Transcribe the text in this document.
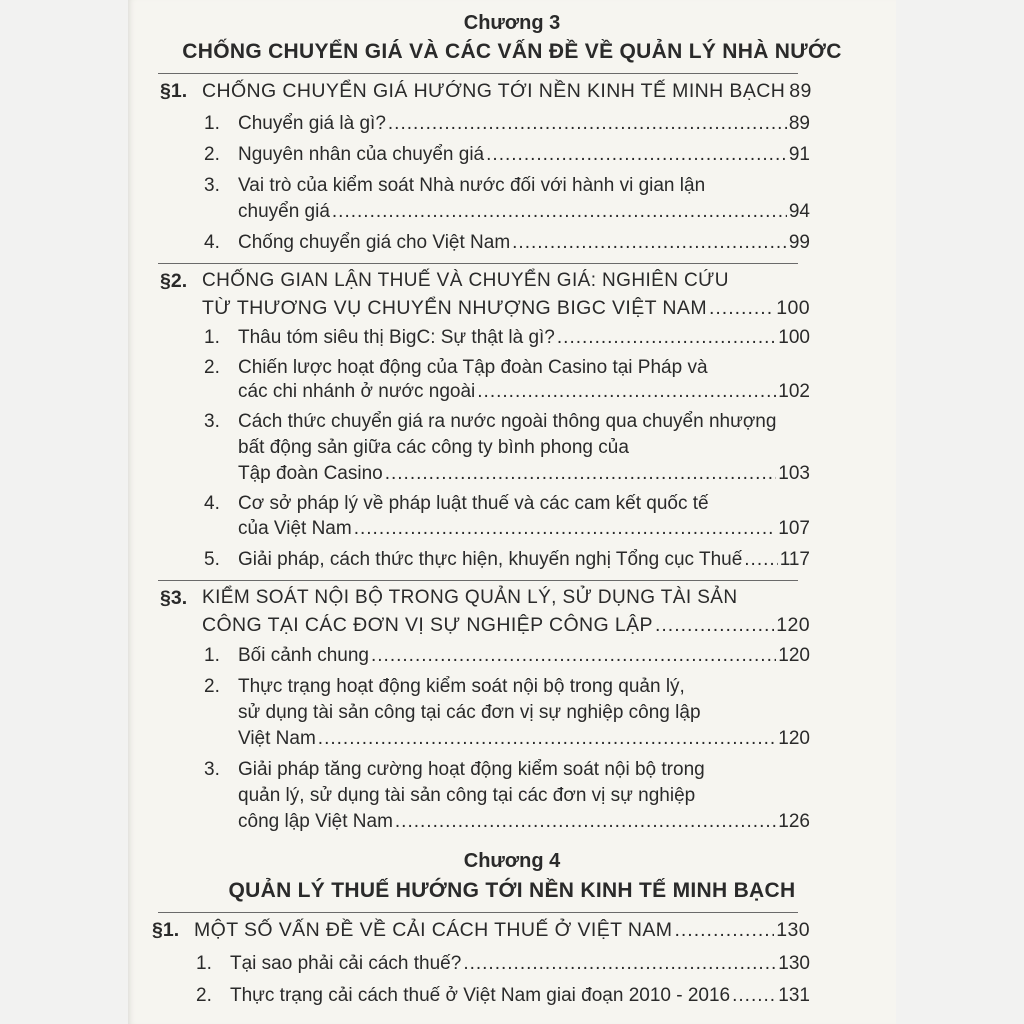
Chương 3
CHỐNG CHUYỂN GIÁ VÀ CÁC VẤN ĐỀ VỀ QUẢN LÝ NHÀ NƯỚC
§1. CHỐNG CHUYỂN GIÁ HƯỚNG TỚI NỀN KINH TẾ MINH BẠCH 89
1. Chuyển giá là gì? .....	89
2. Nguyên nhân của chuyển giá .....	91
3. Vai trò của kiểm soát Nhà nước đối với hành vi gian lận
chuyển giá .....	94
4. Chống chuyển giá cho Việt Nam .....	99
§2. CHỐNG GIAN LẬN THUẾ VÀ CHUYỂN GIÁ: NGHIÊN CỨU
TỪ THƯƠNG VỤ CHUYỂN NHƯỢNG BIGC VIỆT NAM .....	100
1. Thâu tóm siêu thị BigC: Sự thật là gì? .....	100
2. Chiến lược hoạt động của Tập đoàn Casino tại Pháp và
các chi nhánh ở nước ngoài .....	102
3. Cách thức chuyển giá ra nước ngoài thông qua chuyển nhượng
bất động sản giữa các công ty bình phong của
Tập đoàn Casino .....	103
4. Cơ sở pháp lý về pháp luật thuế và các cam kết quốc tế
của Việt Nam .....	107
5. Giải pháp, cách thức thực hiện, khuyến nghị Tổng cục Thuế ..... 117
§3. KIỂM SOÁT NỘI BỘ TRONG QUẢN LÝ, SỬ DỤNG TÀI SẢN
CÔNG TẠI CÁC ĐƠN VỊ SỰ NGHIỆP CÔNG LẬP .....	120
1. Bối cảnh chung .....	120
2. Thực trạng hoạt động kiểm soát nội bộ trong quản lý,
sử dụng tài sản công tại các đơn vị sự nghiệp công lập
Việt Nam .....	120
3. Giải pháp tăng cường hoạt động kiểm soát nội bộ trong
quản lý, sử dụng tài sản công tại các đơn vị sự nghiệp
công lập Việt Nam .....	126
Chương 4
QUẢN LÝ THUẾ HƯỚNG TỚI NỀN KINH TẾ MINH BẠCH
§1. MỘT SỐ VẤN ĐỀ VỀ CẢI CÁCH THUẾ Ở VIỆT NAM .....	130
1. Tại sao phải cải cách thuế? .....	130
2. Thực trạng cải cách thuế ở Việt Nam giai đoạn 2010 - 2016 .....	131
